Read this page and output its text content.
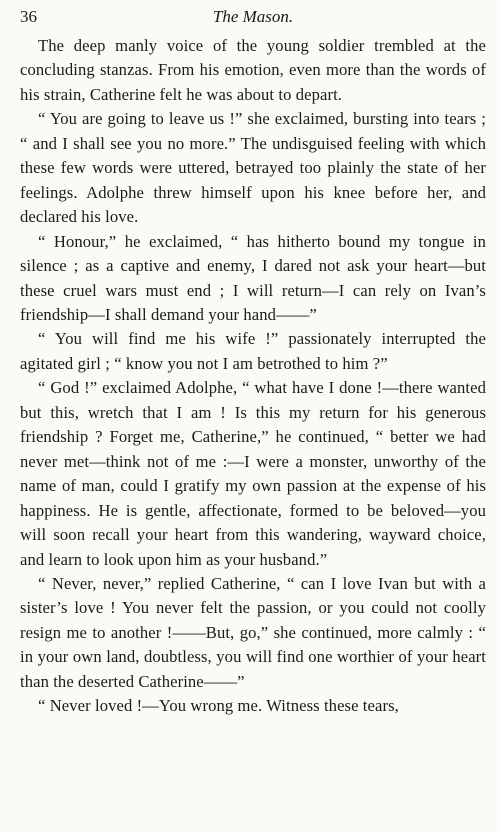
36	The Mason.

The deep manly voice of the young soldier trembled at the concluding stanzas. From his emotion, even more than the words of his strain, Catherine felt he was about to depart.

“ You are going to leave us !” she exclaimed, bursting into tears ; “ and I shall see you no more.” The undisguised feeling with which these few words were uttered, betrayed too plainly the state of her feelings. Adolphe threw himself upon his knee before her, and declared his love.

“ Honour,” he exclaimed, “ has hitherto bound my tongue in silence ; as a captive and enemy, I dared not ask your heart—but these cruel wars must end ; I will return—I can rely on Ivan’s friendship—I shall demand your hand——”

“ You will find me his wife !” passionately interrupted the agitated girl ; “ know you not I am betrothed to him ?”

“ God !” exclaimed Adolphe, “ what have I done !—there wanted but this, wretch that I am ! Is this my return for his generous friendship ? Forget me, Catherine,” he continued, “ better we had never met—think not of me :—I were a monster, unworthy of the name of man, could I gratify my own passion at the expense of his happiness. He is gentle, affectionate, formed to be beloved—you will soon recall your heart from this wandering, wayward choice, and learn to look upon him as your husband.”

“ Never, never,” replied Catherine, “ can I love Ivan but with a sister’s love ! You never felt the passion, or you could not coolly resign me to another !——But, go,” she continued, more calmly : “ in your own land, doubtless, you will find one worthier of your heart than the deserted Catherine——”

“ Never loved !—You wrong me. Witness these tears,
